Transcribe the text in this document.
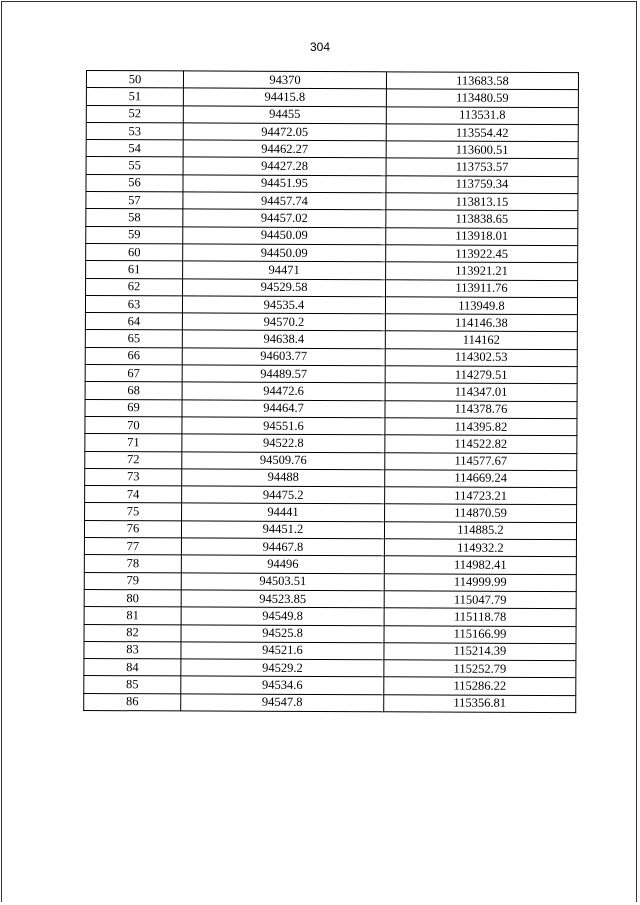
304
50	94370	113683.58
51	94415.8	113480.59
52	94455	113531.8
53	94472.05	113554.42
54	94462.27	113600.51
55	94427.28	113753.57
56	94451.95	113759.34
57	94457.74	113813.15
58	94457.02	113838.65
59	94450.09	113918.01
60	94450.09	113922.45
61	94471	113921.21
62	94529.58	113911.76
63	94535.4	113949.8
64	94570.2	114146.38
65	94638.4	114162
66	94603.77	114302.53
67	94489.57	114279.51
68	94472.6	114347.01
69	94464.7	114378.76
70	94551.6	114395.82
71	94522.8	114522.82
72	94509.76	114577.67
73	94488	114669.24
74	94475.2	114723.21
75	94441	114870.59
76	94451.2	114885.2
77	94467.8	114932.2
78	94496	114982.41
79	94503.51	114999.99
80	94523.85	115047.79
81	94549.8	115118.78
82	94525.8	115166.99
83	94521.6	115214.39
84	94529.2	115252.79
85	94534.6	115286.22
86	94547.8	115356.81
